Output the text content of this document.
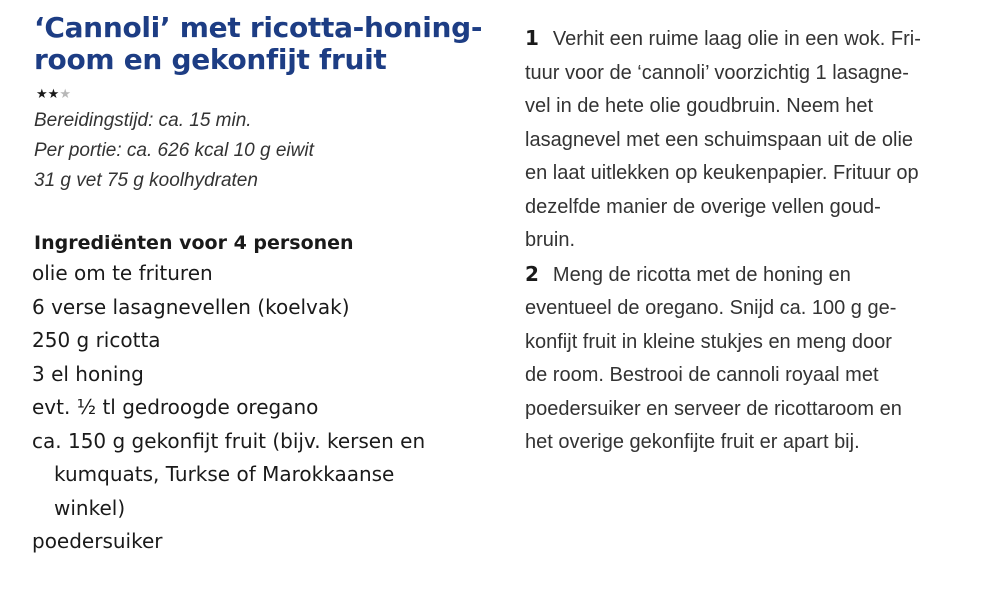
‘Cannoli’ met ricotta-honing-
room en gekonfijt fruit
★★★
Bereidingstijd: ca. 15 min.
Per portie: ca. 626 kcal 10 g eiwit
31 g vet 75 g koolhydraten
Ingrediënten voor 4 personen
olie om te frituren
6 verse lasagnevellen (koelvak)
250 g ricotta
3 el honing
evt. ½ tl gedroogde oregano
ca. 150 g gekonfijt fruit (bijv. kersen en kumquats, Turkse of Marokkaanse winkel)
poedersuiker
1 Verhit een ruime laag olie in een wok. Fri-
tuur voor de ‘cannoli’ voorzichtig 1 lasagne-
vel in de hete olie goudbruin. Neem het
lasagnevel met een schuimspaan uit de olie
en laat uitlekken op keukenpapier. Frituur op
dezelfde manier de overige vellen goud-
bruin.
2 Meng de ricotta met de honing en
eventueel de oregano. Snijd ca. 100 g ge-
konfijt fruit in kleine stukjes en meng door
de room. Bestrooi de cannoli royaal met
poedersuiker en serveer de ricottaroom en
het overige gekonfijte fruit er apart bij.
